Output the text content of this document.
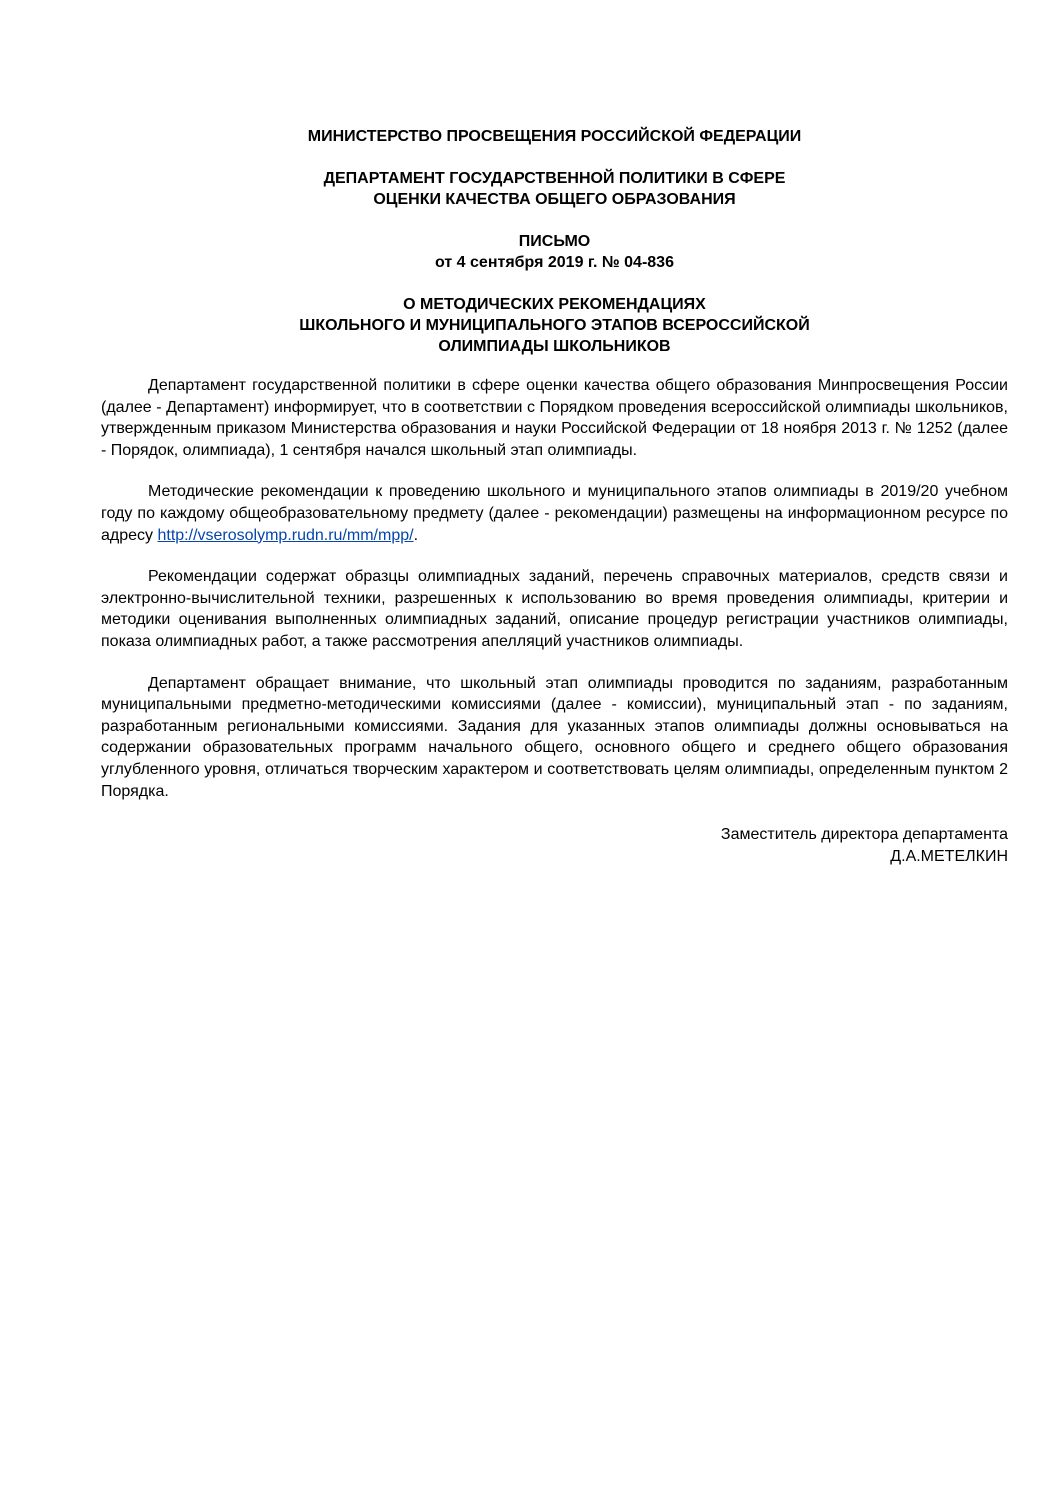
МИНИСТЕРСТВО ПРОСВЕЩЕНИЯ РОССИЙСКОЙ ФЕДЕРАЦИИ

ДЕПАРТАМЕНТ ГОСУДАРСТВЕННОЙ ПОЛИТИКИ В СФЕРЕ

ОЦЕНКИ КАЧЕСТВА ОБЩЕГО ОБРАЗОВАНИЯ

ПИСЬМО

от 4 сентября 2019 г. № 04-836

О МЕТОДИЧЕСКИХ РЕКОМЕНДАЦИЯХ

ШКОЛЬНОГО И МУНИЦИПАЛЬНОГО ЭТАПОВ ВСЕРОССИЙСКОЙ

ОЛИМПИАДЫ ШКОЛЬНИКОВ

Департамент государственной политики в сфере оценки качества общего образования Минпросвещения России (далее - Департамент) информирует, что в соответствии с Порядком проведения всероссийской олимпиады школьников, утвержденным приказом Министерства образования и науки Российской Федерации от 18 ноября 2013 г. № 1252 (далее - Порядок, олимпиада), 1 сентября начался школьный этап олимпиады.

Методические рекомендации к проведению школьного и муниципального этапов олимпиады в 2019/20 учебном году по каждому общеобразовательному предмету (далее - рекомендации) размещены на информационном ресурсе по адресу http://vserosolymp.rudn.ru/mm/mpp/.

Рекомендации содержат образцы олимпиадных заданий, перечень справочных материалов, средств связи и электронно-вычислительной техники, разрешенных к использованию во время проведения олимпиады, критерии и методики оценивания выполненных олимпиадных заданий, описание процедур регистрации участников олимпиады, показа олимпиадных работ, а также рассмотрения апелляций участников олимпиады.

Департамент обращает внимание, что школьный этап олимпиады проводится по заданиям, разработанным муниципальными предметно-методическими комиссиями (далее - комиссии), муниципальный этап - по заданиям, разработанным региональными комиссиями. Задания для указанных этапов олимпиады должны основываться на содержании образовательных программ начального общего, основного общего и среднего общего образования углубленного уровня, отличаться творческим характером и соответствовать целям олимпиады, определенным пунктом 2 Порядка.

Заместитель директора департамента
Д.А.МЕТЕЛКИН
